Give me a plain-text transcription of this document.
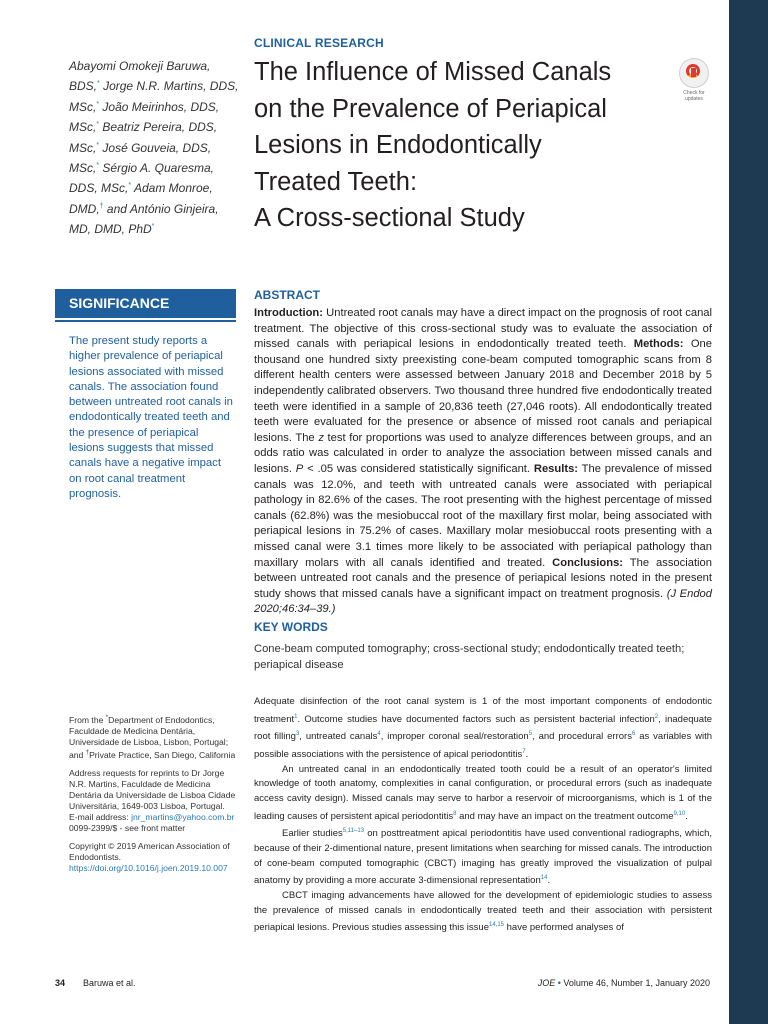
Abayomi Omokeji Baruwa, BDS,* Jorge N.R. Martins, DDS, MSc,* João Meirinhos, DDS, MSc,* Beatriz Pereira, DDS, MSc,* José Gouveia, DDS, MSc,* Sérgio A. Quaresma, DDS, MSc,* Adam Monroe, DMD,† and António Ginjeira, MD, DMD, PhD*
CLINICAL RESEARCH
The Influence of Missed Canals
on the Prevalence of Periapical
Lesions in Endodontically
Treated Teeth:
A Cross-sectional Study
Check for updates
SIGNIFICANCE
The present study reports a higher prevalence of periapical lesions associated with missed canals. The association found between untreated root canals in endodontically treated teeth and the presence of periapical lesions suggests that missed canals have a negative impact on root canal treatment prognosis.
ABSTRACT
Introduction: Untreated root canals may have a direct impact on the prognosis of root canal treatment. The objective of this cross-sectional study was to evaluate the association of missed canals with periapical lesions in endodontically treated teeth. Methods: One thousand one hundred sixty preexisting cone-beam computed tomographic scans from 8 different health centers were assessed between January 2018 and December 2018 by 5 independently calibrated observers. Two thousand three hundred five endodontically treated teeth were identified in a sample of 20,836 teeth (27,046 roots). All endodontically treated teeth were evaluated for the presence or absence of missed root canals and periapical lesions. The z test for proportions was used to analyze differences between groups, and an odds ratio was calculated in order to analyze the association between missed canals and lesions. P < .05 was considered statistically significant. Results: The prevalence of missed canals was 12.0%, and teeth with untreated canals were associated with periapical pathology in 82.6% of the cases. The root presenting with the highest percentage of missed canals (62.8%) was the mesiobuccal root of the maxillary first molar, being associated with periapical lesions in 75.2% of cases. Maxillary molar mesiobuccal roots presenting with a missed canal were 3.1 times more likely to be associated with periapical pathology than maxillary molars with all canals identified and treated. Conclusions: The association between untreated root canals and the presence of periapical lesions noted in the present study shows that missed canals have a significant impact on treatment prognosis. (J Endod 2020;46:34–39.)
KEY WORDS
Cone-beam computed tomography; cross-sectional study; endodontically treated teeth; periapical disease

From the *Department of Endodontics, Faculdade de Medicina Dentária, Universidade de Lisboa, Lisbon, Portugal; and †Private Practice, San Diego, California

Address requests for reprints to Dr Jorge N.R. Martins, Faculdade de Medicina Dentária da Universidade de Lisboa Cidade Universitária, 1649-003 Lisboa, Portugal.
E-mail address: jnr_martins@yahoo.com.br
0099-2399/$ - see front matter

Copyright © 2019 American Association of Endodontists.
https://doi.org/10.1016/j.joen.2019.10.007

Adequate disinfection of the root canal system is 1 of the most important components of endodontic treatment$^1$. Outcome studies have documented factors such as persistent bacterial infection$^2$, inadequate root filling$^3$, untreated canals$^4$, improper coronal seal/restoration$^5$, and procedural errors$^6$ as variables with possible associations with the persistence of apical periodontitis$^7$.

An untreated canal in an endodontically treated tooth could be a result of an operator's limited knowledge of tooth anatomy, complexities in canal configuration, or procedural errors (such as inadequate access cavity design). Missed canals may serve to harbor a reservoir of microorganisms, which is 1 of the leading causes of persistent apical periodontitis$^8$ and may have an impact on the treatment outcome$^{9,10}$.

Earlier studies$^{5,11-13}$ on posttreatment apical periodontitis have used conventional radiographs, which, because of their 2-dimentional nature, present limitations when searching for missed canals. The introduction of cone-beam computed tomographic (CBCT) imaging has greatly improved the visualization of pulpal anatomy by providing a more accurate 3-dimensional representation$^{14}$.

CBCT imaging advancements have allowed for the development of epidemiologic studies to assess the prevalence of missed canals in endodontically treated teeth and their association with persistent periapical lesions. Previous studies assessing this issue$^{14,15}$ have performed analyses of

34 Baruwa et al.	JOE • Volume 46, Number 1, January 2020
